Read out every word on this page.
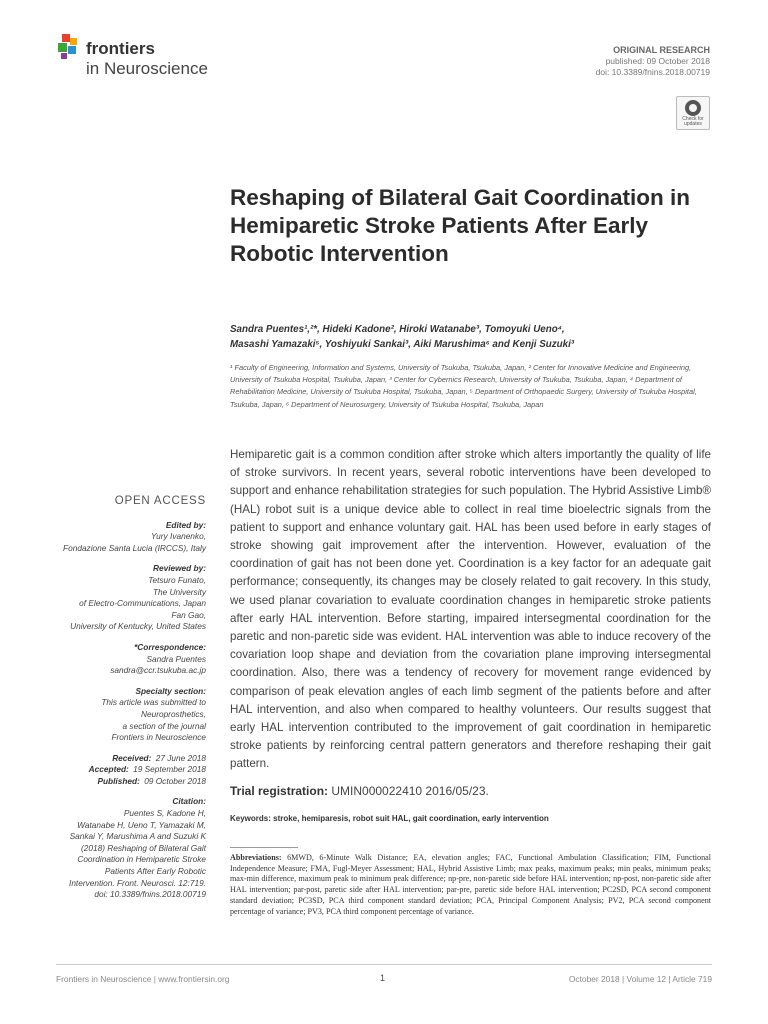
frontiers
in Neuroscience
ORIGINAL RESEARCH
published: 09 October 2018
doi: 10.3389/fnins.2018.00719
Check for
updates
Reshaping of Bilateral Gait Coordination in Hemiparetic Stroke Patients After Early Robotic Intervention
Sandra Puentes¹,²*, Hideki Kadone², Hiroki Watanabe³, Tomoyuki Ueno⁴,
Masashi Yamazaki⁵, Yoshiyuki Sankai³, Aiki Marushima⁶ and Kenji Suzuki³
¹ Faculty of Engineering, Information and Systems, University of Tsukuba, Tsukuba, Japan, ² Center for Innovative Medicine and Engineering, University of Tsukuba Hospital, Tsukuba, Japan, ³ Center for Cybernics Research, University of Tsukuba, Tsukuba, Japan, ⁴ Department of Rehabilitation Medicine, University of Tsukuba Hospital, Tsukuba, Japan, ⁵ Department of Orthopaedic Surgery, University of Tsukuba Hospital, Tsukuba, Japan, ⁶ Department of Neurosurgery, University of Tsukuba Hospital, Tsukuba, Japan
OPEN ACCESS
Edited by:
Yury Ivanenko,
Fondazione Santa Lucia (IRCCS), Italy
Reviewed by:
Tetsuro Funato,
The University
of Electro-Communications, Japan
Fan Gao,
University of Kentucky, United States
*Correspondence:
Sandra Puentes
sandra@ccr.tsukuba.ac.jp
Specialty section:
This article was submitted to
Neuroprosthetics,
a section of the journal
Frontiers in Neuroscience
Received: 27 June 2018
Accepted: 19 September 2018
Published: 09 October 2018
Citation:
Puentes S, Kadone H,
Watanabe H, Ueno T, Yamazaki M,
Sankai Y, Marushima A and Suzuki K
(2018) Reshaping of Bilateral Gait
Coordination in Hemiparetic Stroke
Patients After Early Robotic
Intervention. Front. Neurosci. 12:719.
doi: 10.3389/fnins.2018.00719

Hemiparetic gait is a common condition after stroke which alters importantly the quality of life of stroke survivors. In recent years, several robotic interventions have been developed to support and enhance rehabilitation strategies for such population. The Hybrid Assistive Limb® (HAL) robot suit is a unique device able to collect in real time bioelectric signals from the patient to support and enhance voluntary gait. HAL has been used before in early stages of stroke showing gait improvement after the intervention. However, evaluation of the coordination of gait has not been done yet. Coordination is a key factor for an adequate gait performance; consequently, its changes may be closely related to gait recovery. In this study, we used planar covariation to evaluate coordination changes in hemiparetic stroke patients after early HAL intervention. Before starting, impaired intersegmental coordination for the paretic and non-paretic side was evident. HAL intervention was able to induce recovery of the covariation loop shape and deviation from the covariation plane improving intersegmental coordination. Also, there was a tendency of recovery for movement range evidenced by comparison of peak elevation angles of each limb segment of the patients before and after HAL intervention, and also when compared to healthy volunteers. Our results suggest that early HAL intervention contributed to the improvement of gait coordination in hemiparetic stroke patients by reinforcing central pattern generators and therefore reshaping their gait pattern.

Trial registration: UMIN000022410 2016/05/23.
Keywords: stroke, hemiparesis, robot suit HAL, gait coordination, early intervention
Abbreviations: 6MWD, 6-Minute Walk Distance; EA, elevation angles; FAC, Functional Ambulation Classification; FIM, Functional Independence Measure; FMA, Fugl-Meyer Assessment; HAL, Hybrid Assistive Limb; max peaks, maximum peaks; min peaks, minimum peaks; max-min difference, maximum peak to minimum peak difference; np-pre, non-paretic side before HAL intervention; np-post, non-paretic side after HAL intervention; par-post, paretic side after HAL intervention; par-pre, paretic side before HAL intervention; PC2SD, PCA second component standard deviation; PC3SD, PCA third component standard deviation; PCA, Principal Component Analysis; PV2, PCA second component percentage of variance; PV3, PCA third component percentage of variance.
Frontiers in Neuroscience | www.frontiersin.org	1	October 2018 | Volume 12 | Article 719
